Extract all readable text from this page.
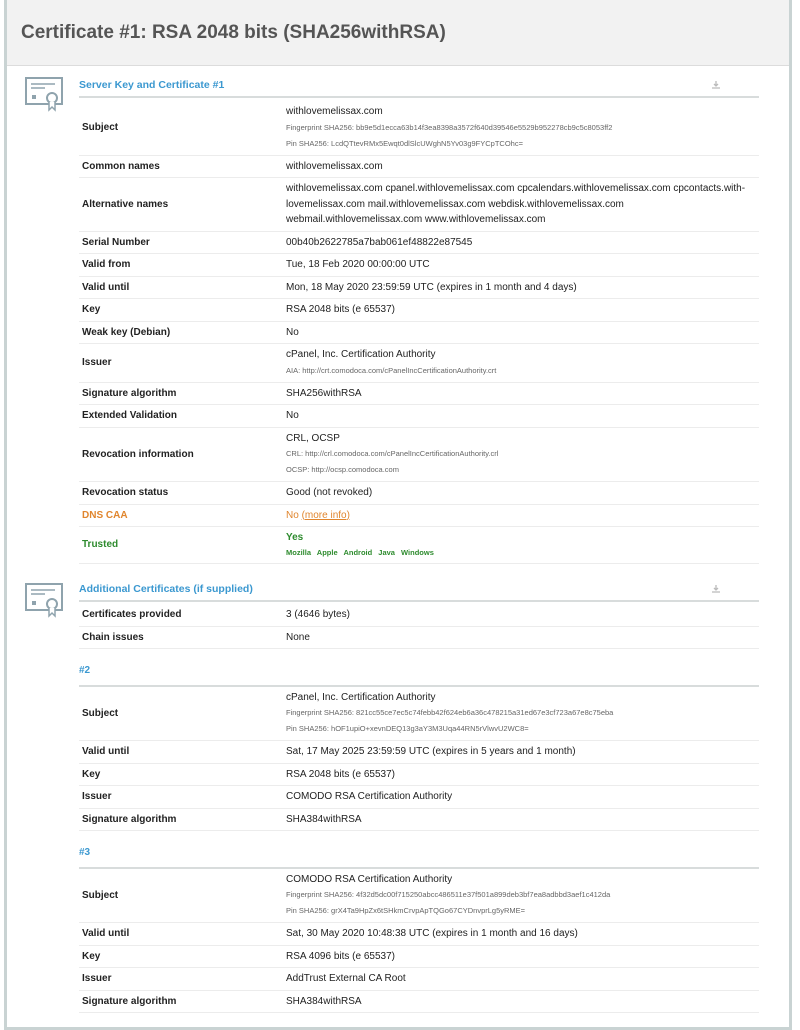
Certificate #1: RSA 2048 bits (SHA256withRSA)
Server Key and Certificate #1
Subject	withlovemelissax.com
Fingerprint SHA256: bb9e5d1ecca63b14f3ea8398a3572f640d39546e5529b952278cb9c5c8053ff2
Pin SHA256: LcdQTtevRMx5Ewqt0dlSlcUWghN5Yv03g9FYCpTCOhc=

Common names	withlovemelissax.com
Alternative names	withlovemelissax.com cpanel.withlovemelissax.com cpcalendars.withlovemelissax.com cpcontacts.withlovemelissax.com mail.withlovemelissax.com webdisk.withlovemelissax.com webmail.withlovemelissax.com www.withlovemelissax.com
Serial Number	00b40b2622785a7bab061ef48822e87545
Valid from	Tue, 18 Feb 2020 00:00:00 UTC
Valid until	Mon, 18 May 2020 23:59:59 UTC (expires in 1 month and 4 days)
Key	RSA 2048 bits (e 65537)
Weak key (Debian)	No
Issuer	cPanel, Inc. Certification Authority
AIA: http://crt.comodoca.com/cPanelIncCertificationAuthority.crt

Signature algorithm	SHA256withRSA
Extended Validation	No
Revocation information	CRL, OCSP
CRL: http://crl.comodoca.com/cPanelIncCertificationAuthority.crl
OCSP: http://ocsp.comodoca.com

Revocation status	Good (not revoked)
DNS CAA	No (more info)
Trusted	Yes
Mozilla Apple Android Java Windows
Additional Certificates (if supplied)
Certificates provided	3 (4646 bytes)
Chain issues	None
#2	
Subject	cPanel, Inc. Certification Authority
Fingerprint SHA256: 821cc55ce7ec5c74febb42f624eb6a36c478215a31ed67e3cf723a67e8c75eba
Pin SHA256: hOF1upiO+xevnDEQ13g3aY3M3Uqa44RN5rVlwvU2WC8=

Valid until	Sat, 17 May 2025 23:59:59 UTC (expires in 5 years and 1 month)
Key	RSA 2048 bits (e 65537)
Issuer	COMODO RSA Certification Authority
Signature algorithm	SHA384withRSA
#3	
Subject	COMODO RSA Certification Authority
Fingerprint SHA256: 4f32d5dc00f715250abcc486511e37f501a899deb3bf7ea8adbbd3aef1c412da
Pin SHA256: grX4Ta9HpZx6tSHkmCrvpApTQGo67CYDnvprLg5yRME=

Valid until	Sat, 30 May 2020 10:48:38 UTC (expires in 1 month and 16 days)
Key	RSA 4096 bits (e 65537)
Issuer	AddTrust External CA Root
Signature algorithm	SHA384withRSA
